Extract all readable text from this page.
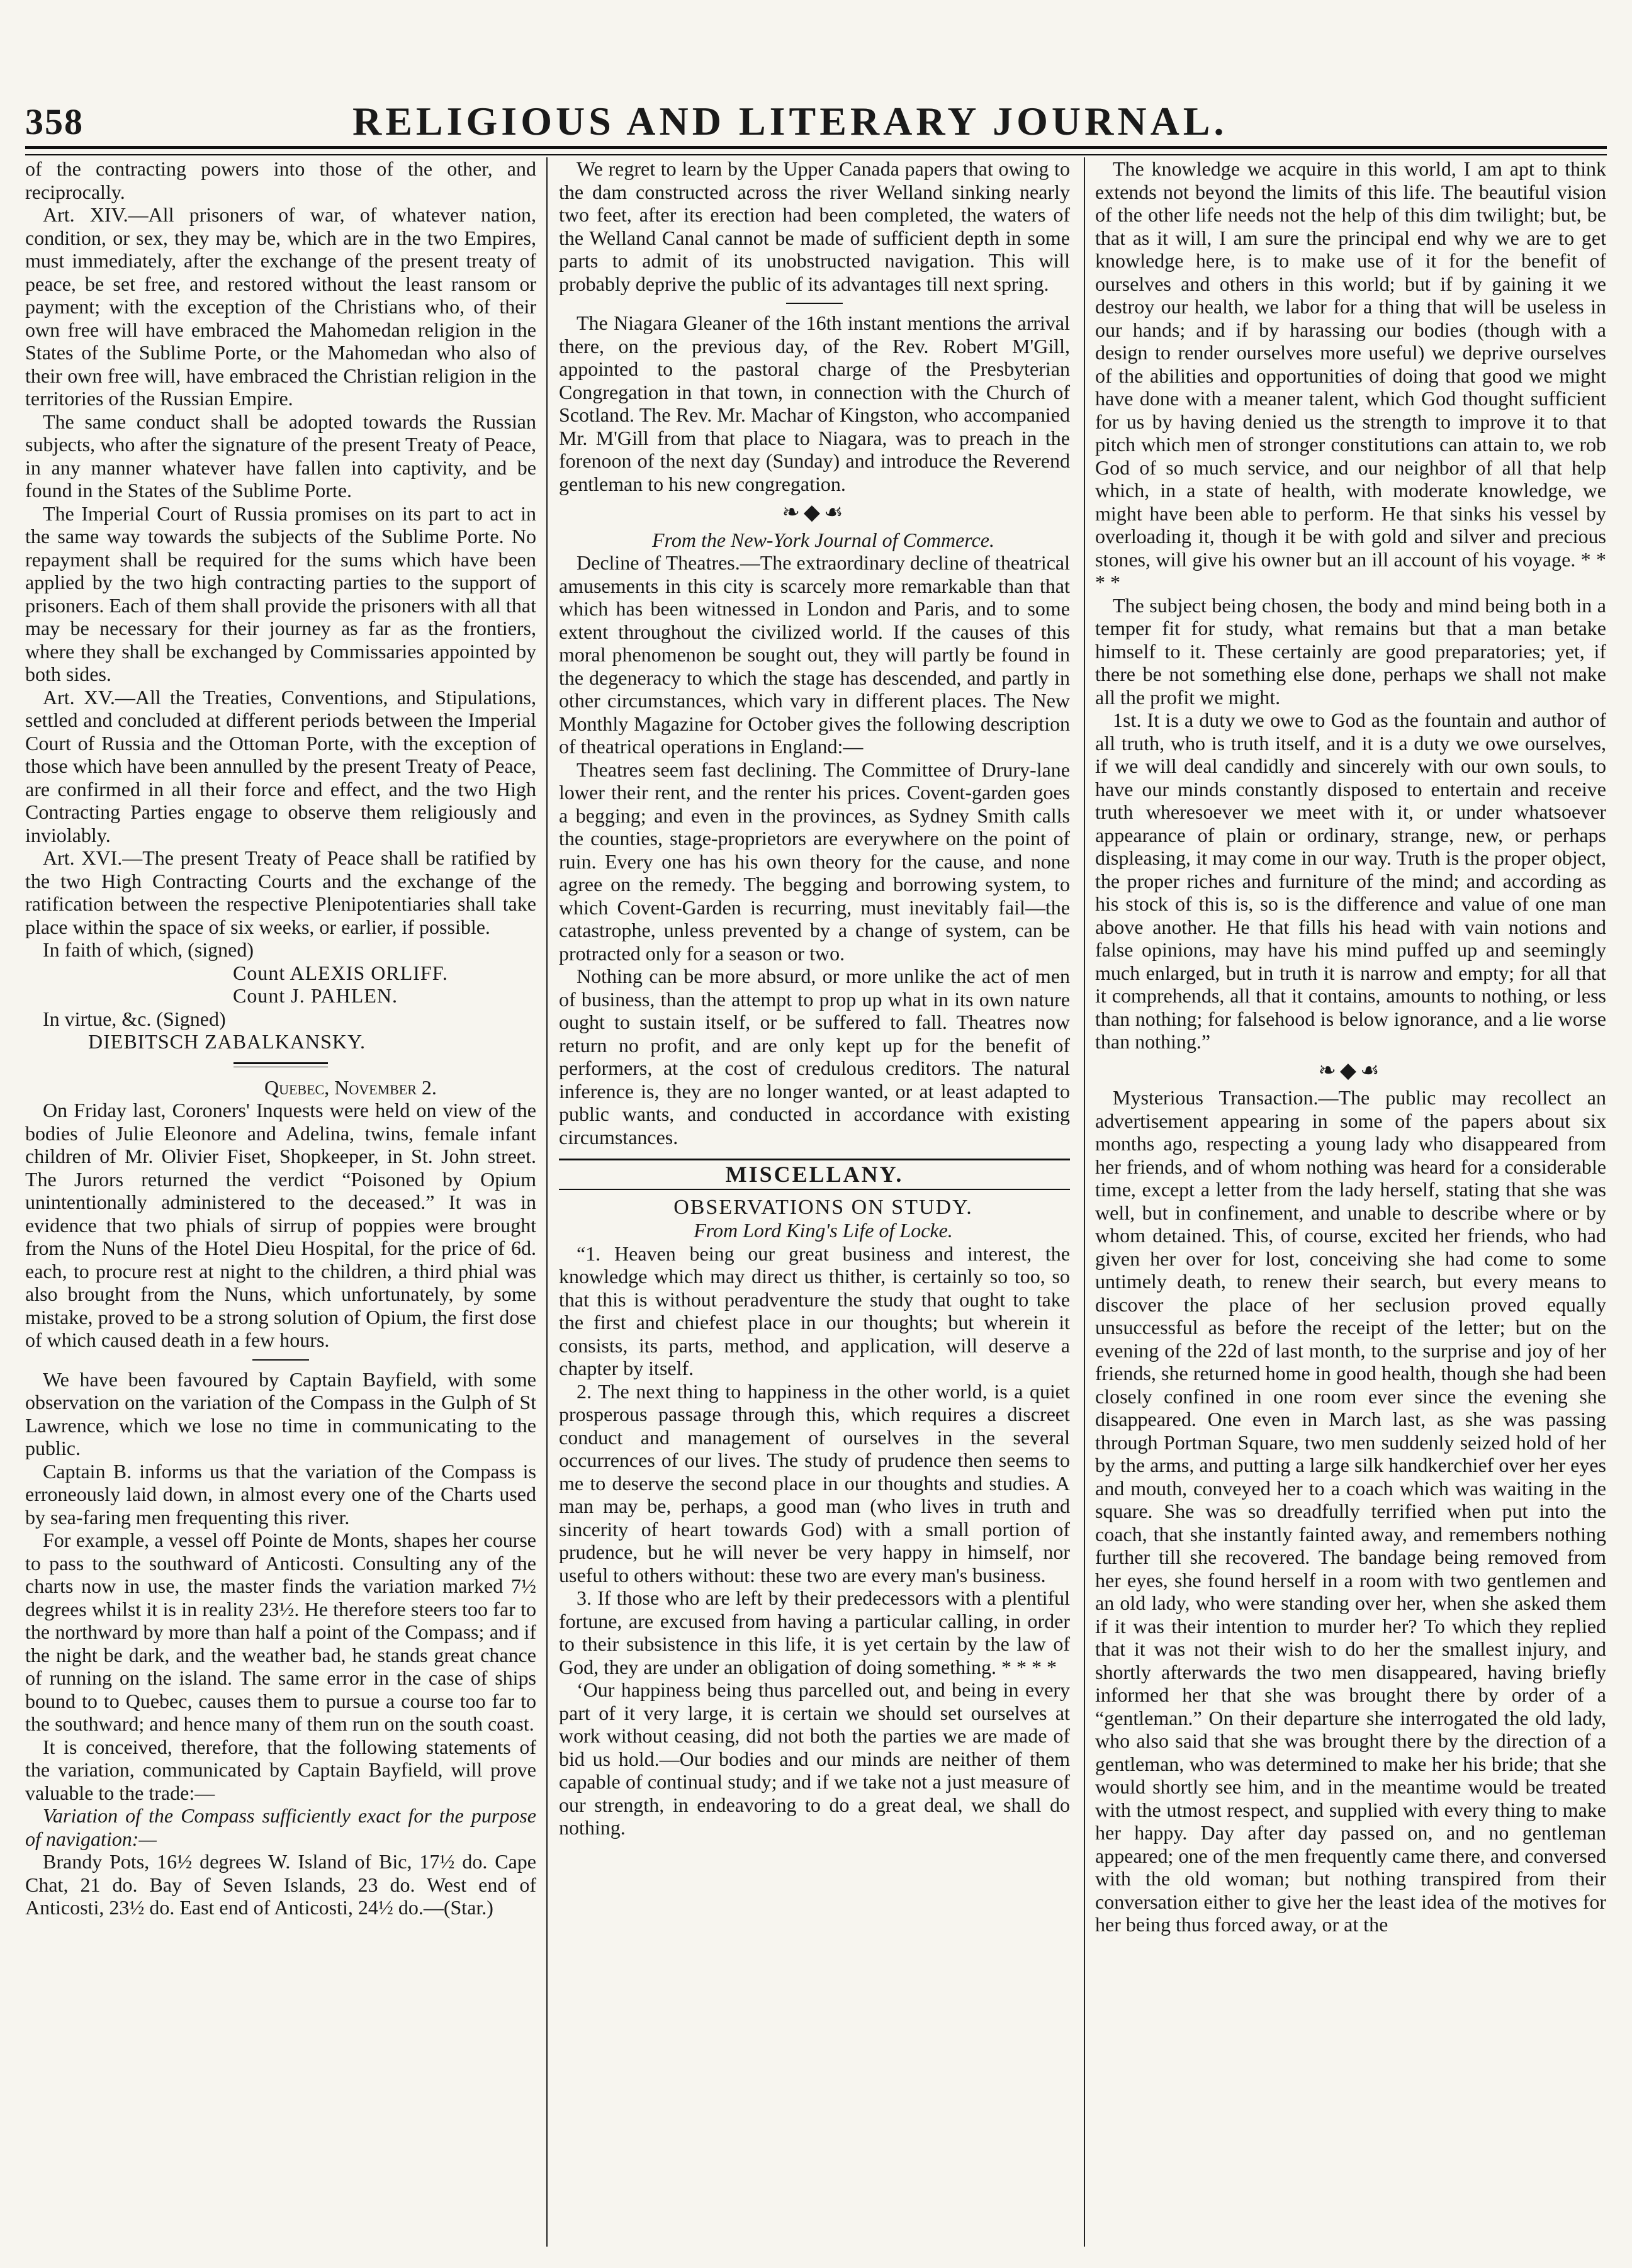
358	RELIGIOUS AND LITERARY JOURNAL.

of the contracting powers into those of the other, and reciprocally.

Art. XIV.—All prisoners of war, of whatever nation, condition, or sex, they may be, which are in the two Empires, must immediately, after the exchange of the present treaty of peace, be set free, and restored without the least ransom or payment; with the exception of the Christians who, of their own free will have embraced the Mahomedan religion in the States of the Sublime Porte, or the Mahomedan who also of their own free will, have embraced the Christian religion in the territories of the Russian Empire.

The same conduct shall be adopted towards the Russian subjects, who after the signature of the present Treaty of Peace, in any manner whatever have fallen into captivity, and be found in the States of the Sublime Porte.

The Imperial Court of Russia promises on its part to act in the same way towards the subjects of the Sublime Porte. No repayment shall be required for the sums which have been applied by the two high contracting parties to the support of prisoners. Each of them shall provide the prisoners with all that may be necessary for their journey as far as the frontiers, where they shall be exchanged by Commissaries appointed by both sides.

Art. XV.—All the Treaties, Conventions, and Stipulations, settled and concluded at different periods between the Imperial Court of Russia and the Ottoman Porte, with the exception of those which have been annulled by the present Treaty of Peace, are confirmed in all their force and effect, and the two High Contracting Parties engage to observe them religiously and inviolably.

Art. XVI.—The present Treaty of Peace shall be ratified by the two High Contracting Courts and the exchange of the ratification between the respective Plenipotentiaries shall take place within the space of six weeks, or earlier, if possible.

In faith of which, (signed)

Count ALEXIS ORLIFF.

Count J. PAHLEN.

In virtue, &c. (Signed)

DIEBITSCH ZABALKANSKY.

Quebec, November 2.

On Friday last, Coroners' Inquests were held on view of the bodies of Julie Eleonore and Adelina, twins, female infant children of Mr. Olivier Fiset, Shopkeeper, in St. John street. The Jurors returned the verdict “Poisoned by Opium unintentionally administered to the deceased.” It was in evidence that two phials of sirrup of poppies were brought from the Nuns of the Hotel Dieu Hospital, for the price of 6d. each, to procure rest at night to the children, a third phial was also brought from the Nuns, which unfortunately, by some mistake, proved to be a strong solution of Opium, the first dose of which caused death in a few hours.

We have been favoured by Captain Bayfield, with some observation on the variation of the Compass in the Gulph of St Lawrence, which we lose no time in communicating to the public.

Captain B. informs us that the variation of the Compass is erroneously laid down, in almost every one of the Charts used by sea-faring men frequenting this river.

For example, a vessel off Pointe de Monts, shapes her course to pass to the southward of Anticosti. Consulting any of the charts now in use, the master finds the variation marked 7½ degrees whilst it is in reality 23½. He therefore steers too far to the northward by more than half a point of the Compass; and if the night be dark, and the weather bad, he stands great chance of running on the island. The same error in the case of ships bound to to Quebec, causes them to pursue a course too far to the southward; and hence many of them run on the south coast.

It is conceived, therefore, that the following statements of the variation, communicated by Captain Bayfield, will prove valuable to the trade:—

Variation of the Compass sufficiently exact for the purpose of navigation:—

Brandy Pots, 16½ degrees W. Island of Bic, 17½ do. Cape Chat, 21 do. Bay of Seven Islands, 23 do. West end of Anticosti, 23½ do. East end of Anticosti, 24½ do.—(Star.)

We regret to learn by the Upper Canada papers that owing to the dam constructed across the river Welland sinking nearly two feet, after its erection had been completed, the waters of the Welland Canal cannot be made of sufficient depth in some parts to admit of its unobstructed navigation. This will probably deprive the public of its advantages till next spring.

The Niagara Gleaner of the 16th instant mentions the arrival there, on the previous day, of the Rev. Robert M'Gill, appointed to the pastoral charge of the Presbyterian Congregation in that town, in connection with the Church of Scotland. The Rev. Mr. Machar of Kingston, who accompanied Mr. M'Gill from that place to Niagara, was to preach in the forenoon of the next day (Sunday) and introduce the Reverend gentleman to his new congregation.

❧◆☙

From the New-York Journal of Commerce.

Decline of Theatres.—The extraordinary decline of theatrical amusements in this city is scarcely more remarkable than that which has been witnessed in London and Paris, and to some extent throughout the civilized world. If the causes of this moral phenomenon be sought out, they will partly be found in the degeneracy to which the stage has descended, and partly in other circumstances, which vary in different places. The New Monthly Magazine for October gives the following description of theatrical operations in England:—

Theatres seem fast declining. The Committee of Drury-lane lower their rent, and the renter his prices. Covent-garden goes a begging; and even in the provinces, as Sydney Smith calls the counties, stage-proprietors are everywhere on the point of ruin. Every one has his own theory for the cause, and none agree on the remedy. The begging and borrowing system, to which Covent-Garden is recurring, must inevitably fail—the catastrophe, unless prevented by a change of system, can be protracted only for a season or two.

Nothing can be more absurd, or more unlike the act of men of business, than the attempt to prop up what in its own nature ought to sustain itself, or be suffered to fall. Theatres now return no profit, and are only kept up for the benefit of performers, at the cost of credulous creditors. The natural inference is, they are no longer wanted, or at least adapted to public wants, and conducted in accordance with existing circumstances.

MISCELLANY.

OBSERVATIONS ON STUDY.

From Lord King's Life of Locke.

“1. Heaven being our great business and interest, the knowledge which may direct us thither, is certainly so too, so that this is without peradventure the study that ought to take the first and chiefest place in our thoughts; but wherein it consists, its parts, method, and application, will deserve a chapter by itself.

2. The next thing to happiness in the other world, is a quiet prosperous passage through this, which requires a discreet conduct and management of ourselves in the several occurrences of our lives. The study of prudence then seems to me to deserve the second place in our thoughts and studies. A man may be, perhaps, a good man (who lives in truth and sincerity of heart towards God) with a small portion of prudence, but he will never be very happy in himself, nor useful to others without: these two are every man's business.

3. If those who are left by their predecessors with a plentiful fortune, are excused from having a particular calling, in order to their subsistence in this life, it is yet certain by the law of God, they are under an obligation of doing something. * * * *

‘Our happiness being thus parcelled out, and being in every part of it very large, it is certain we should set ourselves at work without ceasing, did not both the parties we are made of bid us hold.—Our bodies and our minds are neither of them capable of continual study; and if we take not a just measure of our strength, in endeavoring to do a great deal, we shall do nothing.

The knowledge we acquire in this world, I am apt to think extends not beyond the limits of this life. The beautiful vision of the other life needs not the help of this dim twilight; but, be that as it will, I am sure the principal end why we are to get knowledge here, is to make use of it for the benefit of ourselves and others in this world; but if by gaining it we destroy our health, we labor for a thing that will be useless in our hands; and if by harassing our bodies (though with a design to render ourselves more useful) we deprive ourselves of the abilities and opportunities of doing that good we might have done with a meaner talent, which God thought sufficient for us by having denied us the strength to improve it to that pitch which men of stronger constitutions can attain to, we rob God of so much service, and our neighbor of all that help which, in a state of health, with moderate knowledge, we might have been able to perform. He that sinks his vessel by overloading it, though it be with gold and silver and precious stones, will give his owner but an ill account of his voyage. * * * *

The subject being chosen, the body and mind being both in a temper fit for study, what remains but that a man betake himself to it. These certainly are good preparatories; yet, if there be not something else done, perhaps we shall not make all the profit we might.

1st. It is a duty we owe to God as the fountain and author of all truth, who is truth itself, and it is a duty we owe ourselves, if we will deal candidly and sincerely with our own souls, to have our minds constantly disposed to entertain and receive truth wheresoever we meet with it, or under whatsoever appearance of plain or ordinary, strange, new, or perhaps displeasing, it may come in our way. Truth is the proper object, the proper riches and furniture of the mind; and according as his stock of this is, so is the difference and value of one man above another. He that fills his head with vain notions and false opinions, may have his mind puffed up and seemingly much enlarged, but in truth it is narrow and empty; for all that it comprehends, all that it contains, amounts to nothing, or less than nothing; for falsehood is below ignorance, and a lie worse than nothing.”

❧◆☙

Mysterious Transaction.—The public may recollect an advertisement appearing in some of the papers about six months ago, respecting a young lady who disappeared from her friends, and of whom nothing was heard for a considerable time, except a letter from the lady herself, stating that she was well, but in confinement, and unable to describe where or by whom detained. This, of course, excited her friends, who had given her over for lost, conceiving she had come to some untimely death, to renew their search, but every means to discover the place of her seclusion proved equally unsuccessful as before the receipt of the letter; but on the evening of the 22d of last month, to the surprise and joy of her friends, she returned home in good health, though she had been closely confined in one room ever since the evening she disappeared. One even in March last, as she was passing through Portman Square, two men suddenly seized hold of her by the arms, and putting a large silk handkerchief over her eyes and mouth, conveyed her to a coach which was waiting in the square. She was so dreadfully terrified when put into the coach, that she instantly fainted away, and remembers nothing further till she recovered. The bandage being removed from her eyes, she found herself in a room with two gentlemen and an old lady, who were standing over her, when she asked them if it was their intention to murder her? To which they replied that it was not their wish to do her the smallest injury, and shortly afterwards the two men disappeared, having briefly informed her that she was brought there by order of a “gentleman.” On their departure she interrogated the old lady, who also said that she was brought there by the direction of a gentleman, who was determined to make her his bride; that she would shortly see him, and in the meantime would be treated with the utmost respect, and supplied with every thing to make her happy. Day after day passed on, and no gentleman appeared; one of the men frequently came there, and conversed with the old woman; but nothing transpired from their conversation either to give her the least idea of the motives for her being thus forced away, or at the
